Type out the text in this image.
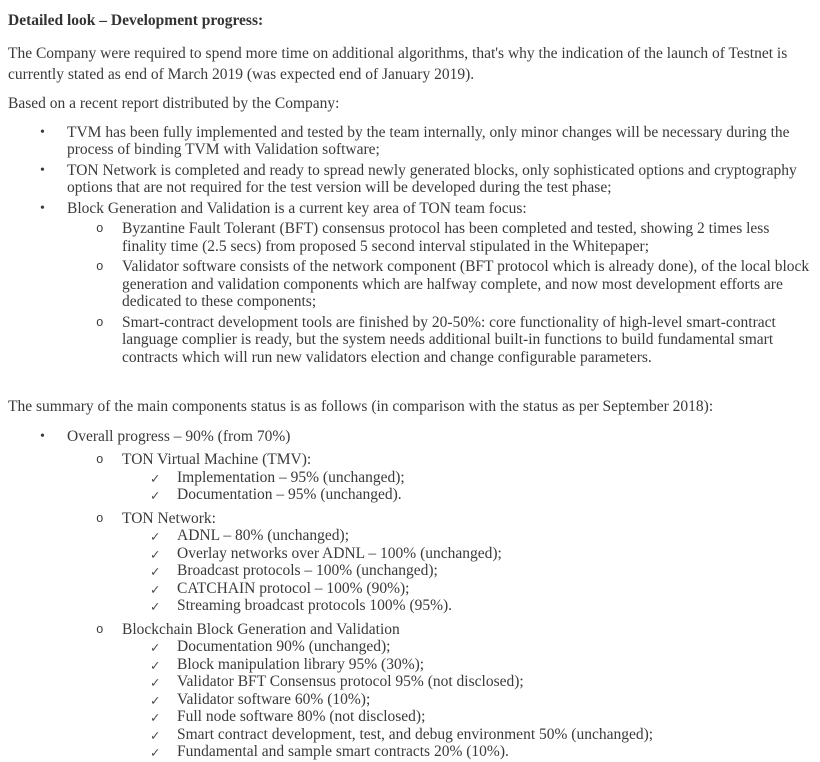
Detailed look – Development progress:

The Company were required to spend more time on additional algorithms, that's why the indication of the launch of Testnet is currently stated as end of March 2019 (was expected end of January 2019).

Based on a recent report distributed by the Company:

•	TVM has been fully implemented and tested by the team internally, only minor changes will be necessary during the process of binding TVM with Validation software;
•	TON Network is completed and ready to spread newly generated blocks, only sophisticated options and cryptography options that are not required for the test version will be developed during the test phase;
•	Block Generation and Validation is a current key area of TON team focus:
o	Byzantine Fault Tolerant (BFT) consensus protocol has been completed and tested, showing 2 times less finality time (2.5 secs) from proposed 5 second interval stipulated in the Whitepaper;
o	Validator software consists of the network component (BFT protocol which is already done), of the local block generation and validation components which are halfway complete, and now most development efforts are dedicated to these components;
o	Smart-contract development tools are finished by 20-50%: core functionality of high-level smart-contract language complier is ready, but the system needs additional built-in functions to build fundamental smart contracts which will run new validators election and change configurable parameters.

The summary of the main components status is as follows (in comparison with the status as per September 2018):

•	Overall progress – 90% (from 70%)
o	TON Virtual Machine (TMV):
✓	Implementation – 95% (unchanged);
✓	Documentation – 95% (unchanged).
o	TON Network:
✓	ADNL – 80% (unchanged);
✓	Overlay networks over ADNL – 100% (unchanged);
✓	Broadcast protocols – 100% (unchanged);
✓	CATCHAIN protocol – 100% (90%);
✓	Streaming broadcast protocols 100% (95%).
o	Blockchain Block Generation and Validation
✓	Documentation 90% (unchanged);
✓	Block manipulation library 95% (30%);
✓	Validator BFT Consensus protocol 95% (not disclosed);
✓	Validator software 60% (10%);
✓	Full node software 80% (not disclosed);
✓	Smart contract development, test, and debug environment 50% (unchanged);
✓	Fundamental and sample smart contracts 20% (10%).
